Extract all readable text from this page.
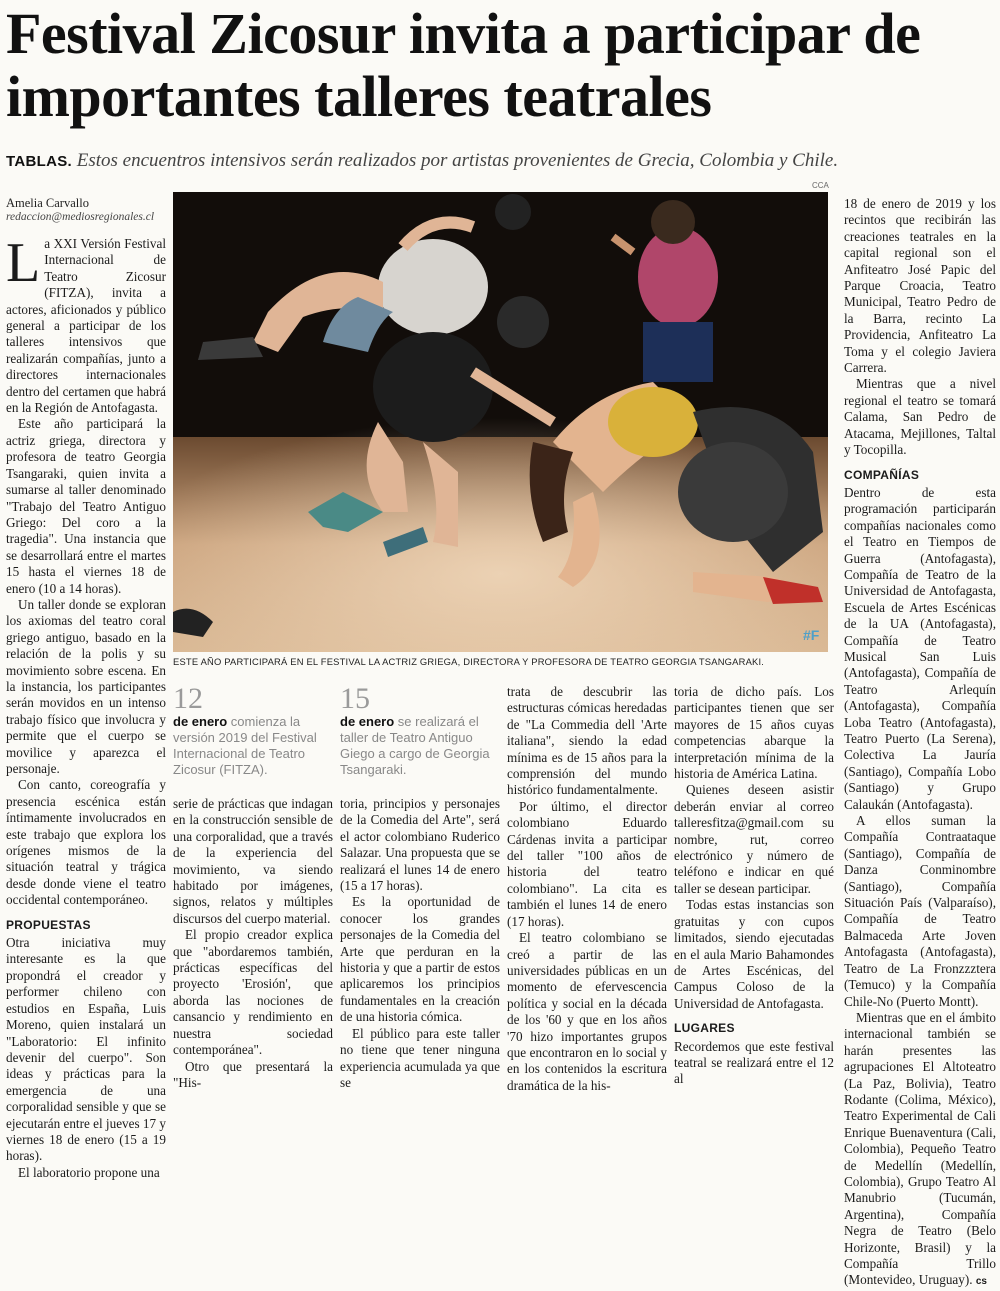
Festival Zicosur invita a participar de importantes talleres teatrales
TABLAS. Estos encuentros intensivos serán realizados por artistas provenientes de Grecia, Colombia y Chile.
Amelia Carvallo
redaccion@mediosregionales.cl

La XXI Versión Festival Internacional de Teatro Zicosur (FITZA), invita a actores, aficionados y público general a participar de los talleres intensivos que realizarán compañías, junto a directores internacionales dentro del certamen que habrá en la Región de Antofagasta.

Este año participará la actriz griega, directora y profesora de teatro Georgia Tsangaraki, quien invita a sumarse al taller denominado "Trabajo del Teatro Antiguo Griego: Del coro a la tragedia". Una instancia que se desarrollará entre el martes 15 hasta el viernes 18 de enero (10 a 14 horas).

Un taller donde se exploran los axiomas del teatro coral griego antiguo, basado en la relación de la polis y su movimiento sobre escena. En la instancia, los participantes serán movidos en un intenso trabajo físico que involucra y permite que el cuerpo se movilice y aparezca el personaje.

Con canto, coreografía y presencia escénica están íntimamente involucrados en este trabajo que explora los orígenes mismos de la situación teatral y trágica desde donde viene el teatro occidental contemporáneo.

PROPUESTAS

Otra iniciativa muy interesante es la que propondrá el creador y performer chileno con estudios en España, Luis Moreno, quien instalará un "Laboratorio: El infinito devenir del cuerpo". Son ideas y prácticas para la emergencia de una corporalidad sensible y que se ejecutarán entre el jueves 17 y viernes 18 de enero (15 a 19 horas).

El laboratorio propone una

CCA
#F
ESTE AÑO PARTICIPARÁ EN EL FESTIVAL LA ACTRIZ GRIEGA, DIRECTORA Y PROFESORA DE TEATRO GEORGIA TSANGARAKI.
12
de enero comienza la versión 2019 del Festival Internacional de Teatro Zicosur (FITZA).
15
de enero se realizará el taller de Teatro Antiguo Giego a cargo de Georgia Tsangaraki.

serie de prácticas que indagan en la construcción sensible de una corporalidad, que a través de la experiencia del movimiento, va siendo habitado por imágenes, signos, relatos y múltiples discursos del cuerpo material.

El propio creador explica que "abordaremos también, prácticas específicas del proyecto 'Erosión', que aborda las nociones de cansancio y rendimiento en nuestra sociedad contemporánea".

Otro que presentará la "His-

toria, principios y personajes de la Comedia del Arte", será el actor colombiano Ruderico Salazar. Una propuesta que se realizará el lunes 14 de enero (15 a 17 horas).

Es la oportunidad de conocer los grandes personajes de la Comedia del Arte que perduran en la historia y que a partir de estos aplicaremos los principios fundamentales en la creación de una historia cómica.

El público para este taller no tiene que tener ninguna experiencia acumulada ya que se

trata de descubrir las estructuras cómicas heredadas de "La Commedia dell 'Arte italiana", siendo la edad mínima es de 15 años para la comprensión del mundo histórico fundamentalmente.

Por último, el director colombiano Eduardo Cárdenas invita a participar del taller "100 años de historia del teatro colombiano". La cita es también el lunes 14 de enero (17 horas).

El teatro colombiano se creó a partir de las universidades públicas en un momento de efervescencia política y social en la década de los '60 y que en los años '70 hizo importantes grupos que encontraron en lo social y en los contenidos la escritura dramática de la his-

toria de dicho país. Los participantes tienen que ser mayores de 15 años cuyas competencias abarque la interpretación mínima de la historia de América Latina.

Quienes deseen asistir deberán enviar al correo talleresfitza@gmail.com su nombre, rut, correo electrónico y número de teléfono e indicar en qué taller se desean participar.

Todas estas instancias son gratuitas y con cupos limitados, siendo ejecutadas en el aula Mario Bahamondes de Artes Escénicas, del Campus Coloso de la Universidad de Antofagasta.

LUGARES

Recordemos que este festival teatral se realizará entre el 12 al

18 de enero de 2019 y los recintos que recibirán las creaciones teatrales en la capital regional son el Anfiteatro José Papic del Parque Croacia, Teatro Municipal, Teatro Pedro de la Barra, recinto La Providencia, Anfiteatro La Toma y el colegio Javiera Carrera.

Mientras que a nivel regional el teatro se tomará Calama, San Pedro de Atacama, Mejillones, Taltal y Tocopilla.

COMPAÑÍAS

Dentro de esta programación participarán compañías nacionales como el Teatro en Tiempos de Guerra (Antofagasta), Compañía de Teatro de la Universidad de Antofagasta, Escuela de Artes Escénicas de la UA (Antofagasta), Compañía de Teatro Musical San Luis (Antofagasta), Compañía de Teatro Arlequín (Antofagasta), Compañía Loba Teatro (Antofagasta), Teatro Puerto (La Serena), Colectiva La Jauría (Santiago), Compañía Lobo (Santiago) y Grupo Calaukán (Antofagasta).

A ellos suman la Compañía Contraataque (Santiago), Compañía de Danza Conminombre (Santiago), Compañía Situación País (Valparaíso), Compañía de Teatro Balmaceda Arte Joven Antofagasta (Antofagasta), Teatro de La Fronzzztera (Temuco) y la Compañía Chile-No (Puerto Montt).

Mientras que en el ámbito internacional también se harán presentes las agrupaciones El Altoteatro (La Paz, Bolivia), Teatro Rodante (Colima, México), Teatro Experimental de Cali Enrique Buenaventura (Cali, Colombia), Pequeño Teatro de Medellín (Medellín, Colombia), Grupo Teatro Al Manubrio (Tucumán, Argentina), Compañía Negra de Teatro (Belo Horizonte, Brasil) y la Compañía Trillo (Montevideo, Uruguay). cs
